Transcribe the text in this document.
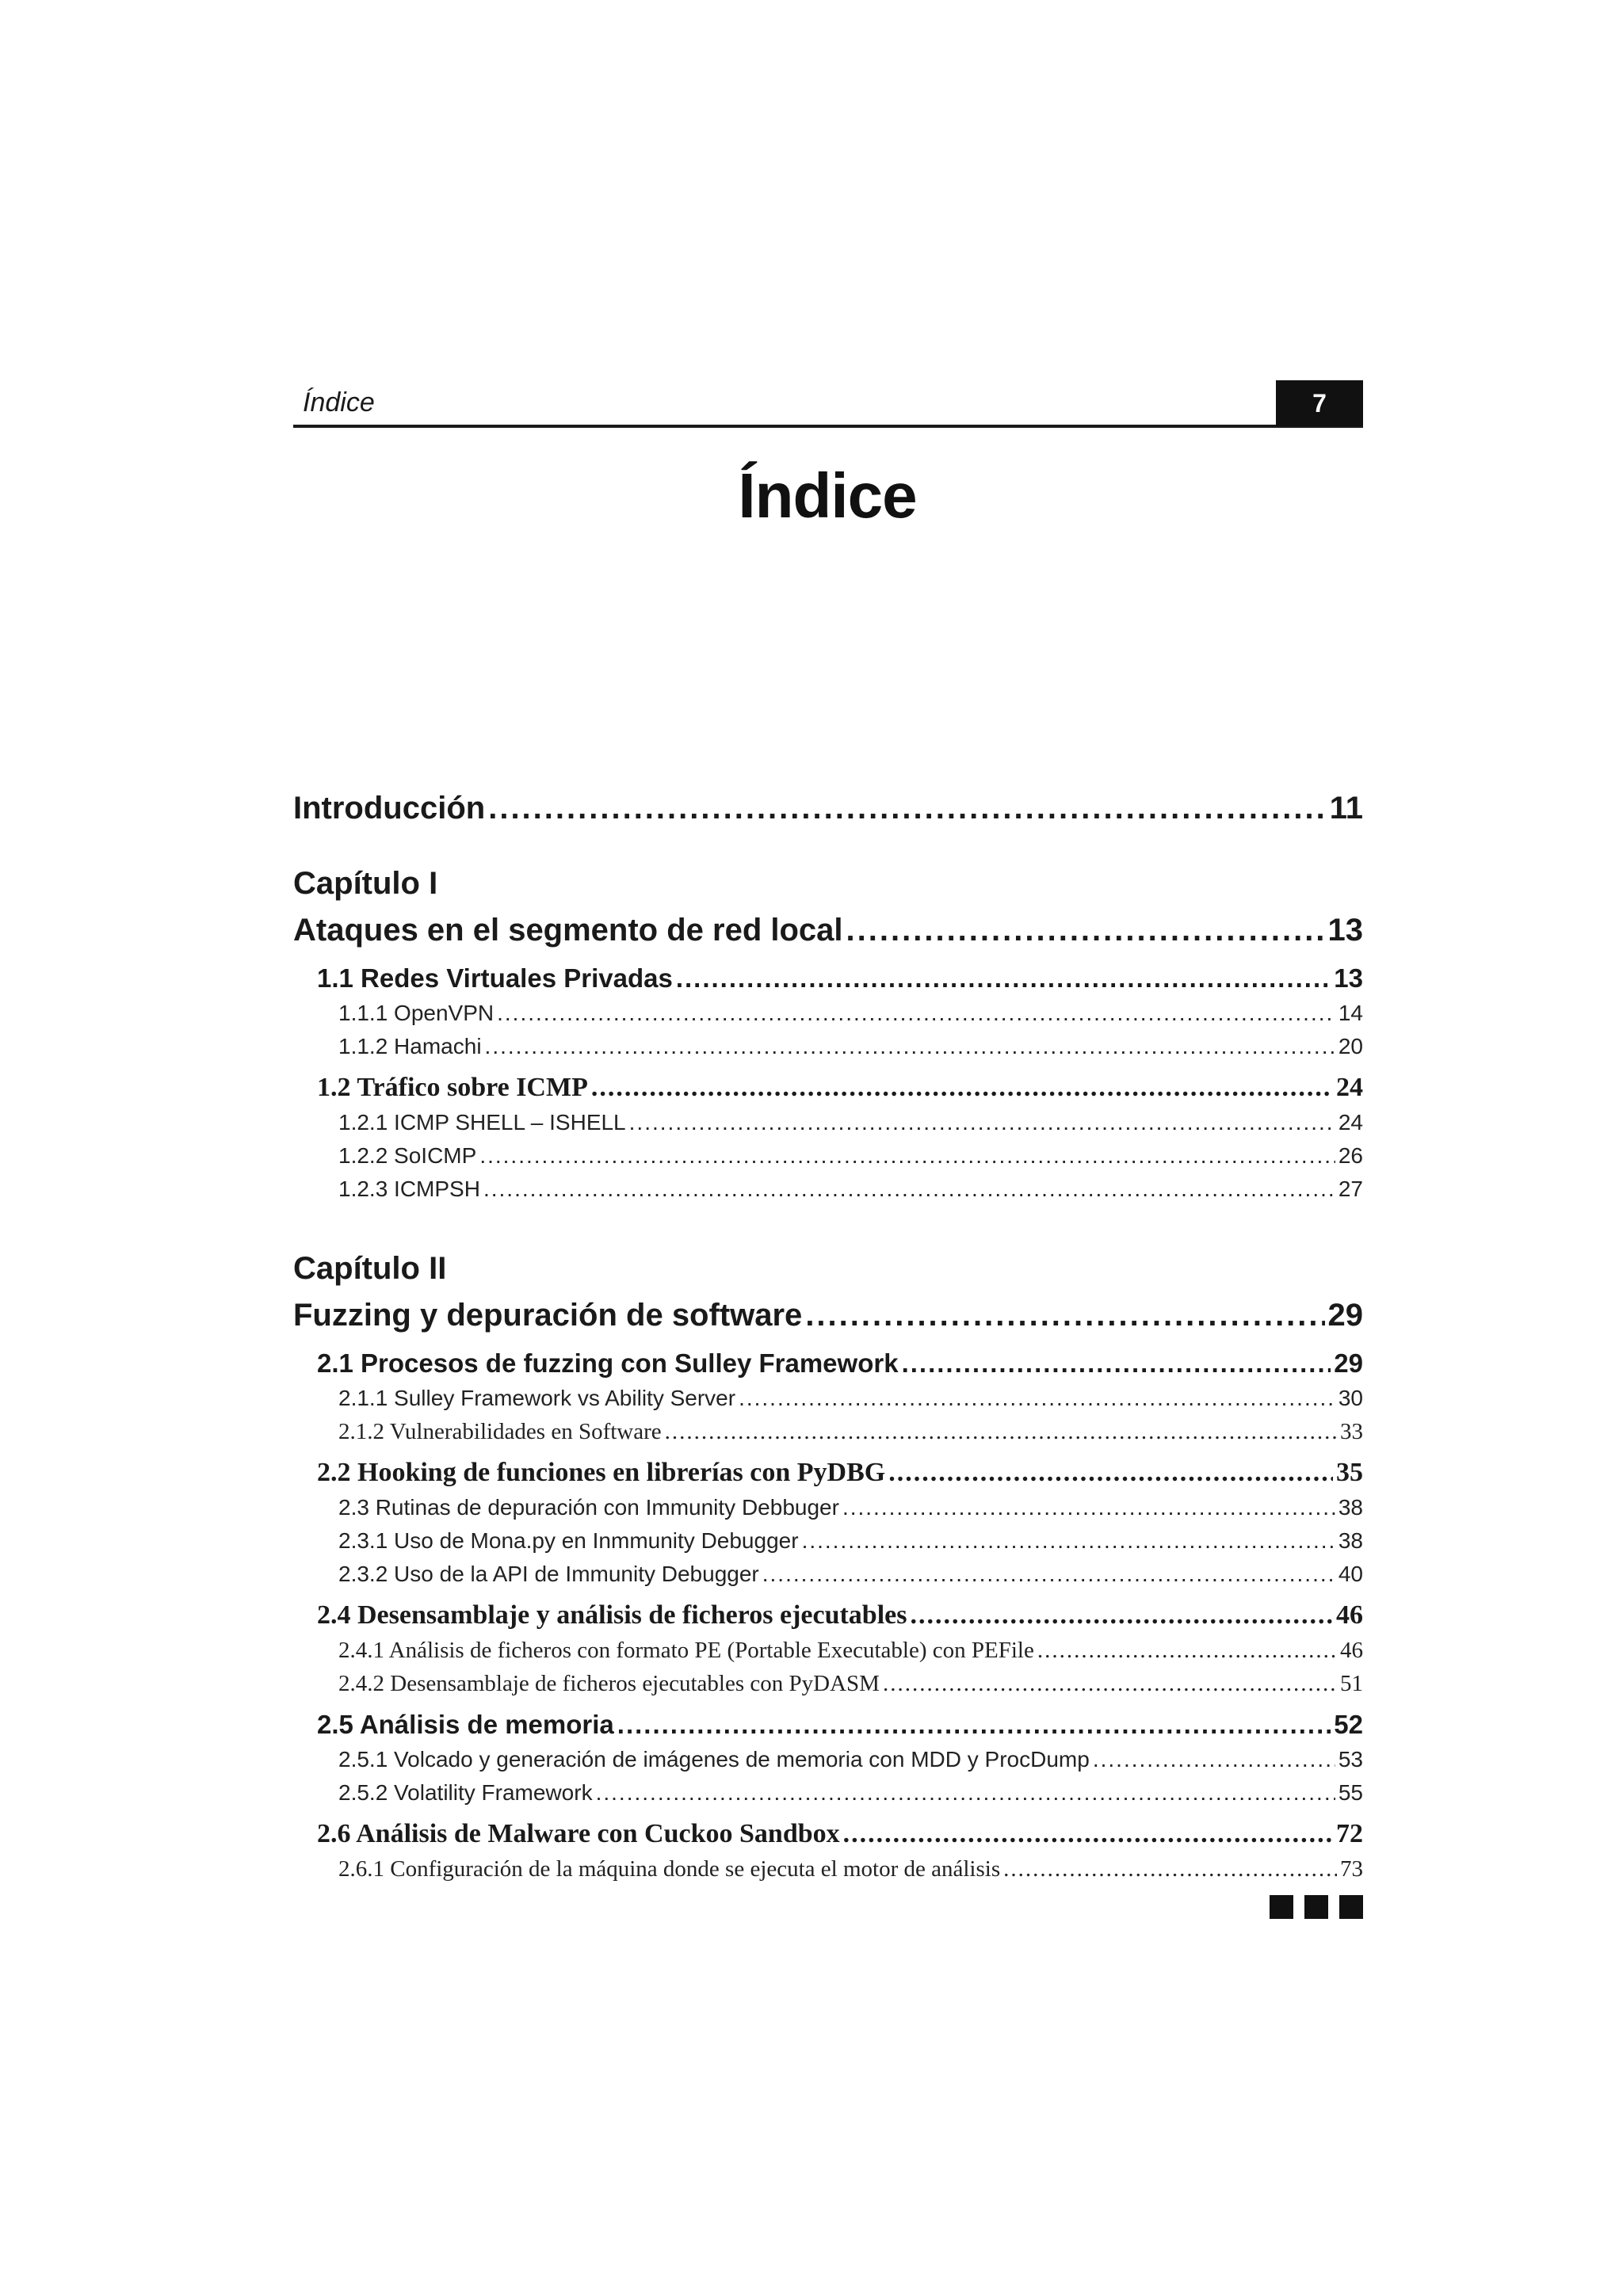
Índice	7
Índice
Introducción .....	11
Capítulo I
Ataques en el segmento de red local .....	13
1.1 Redes Virtuales Privadas .....	13
1.1.1 OpenVPN .....	14
1.1.2 Hamachi .....	20
1.2 Tráfico sobre ICMP .....	24
1.2.1 ICMP SHELL – ISHELL .....	24
1.2.2 SoICMP .....	26
1.2.3 ICMPSH .....	27
Capítulo II
Fuzzing y depuración de software .....	29
2.1 Procesos de fuzzing con Sulley Framework .....	29
2.1.1 Sulley Framework vs Ability Server .....	30
2.1.2 Vulnerabilidades en Software .....	33
2.2 Hooking de funciones en librerías con PyDBG .....	35
2.3 Rutinas de depuración con Immunity Debbuger .....	38
2.3.1 Uso de Mona.py en Inmmunity Debugger .....	38
2.3.2 Uso de la API de Immunity Debugger .....	40
2.4 Desensamblaje y análisis de ficheros ejecutables .....	46
2.4.1 Análisis de ficheros con formato PE (Portable Executable) con PEFile .....	46
2.4.2 Desensamblaje de ficheros ejecutables con PyDASM .....	51
2.5 Análisis de memoria .....	52
2.5.1 Volcado y generación de imágenes de memoria con MDD y ProcDump .....	53
2.5.2 Volatility Framework .....	55
2.6 Análisis de Malware con Cuckoo Sandbox .....	72
2.6.1 Configuración de la máquina donde se ejecuta el motor de análisis .....	73
